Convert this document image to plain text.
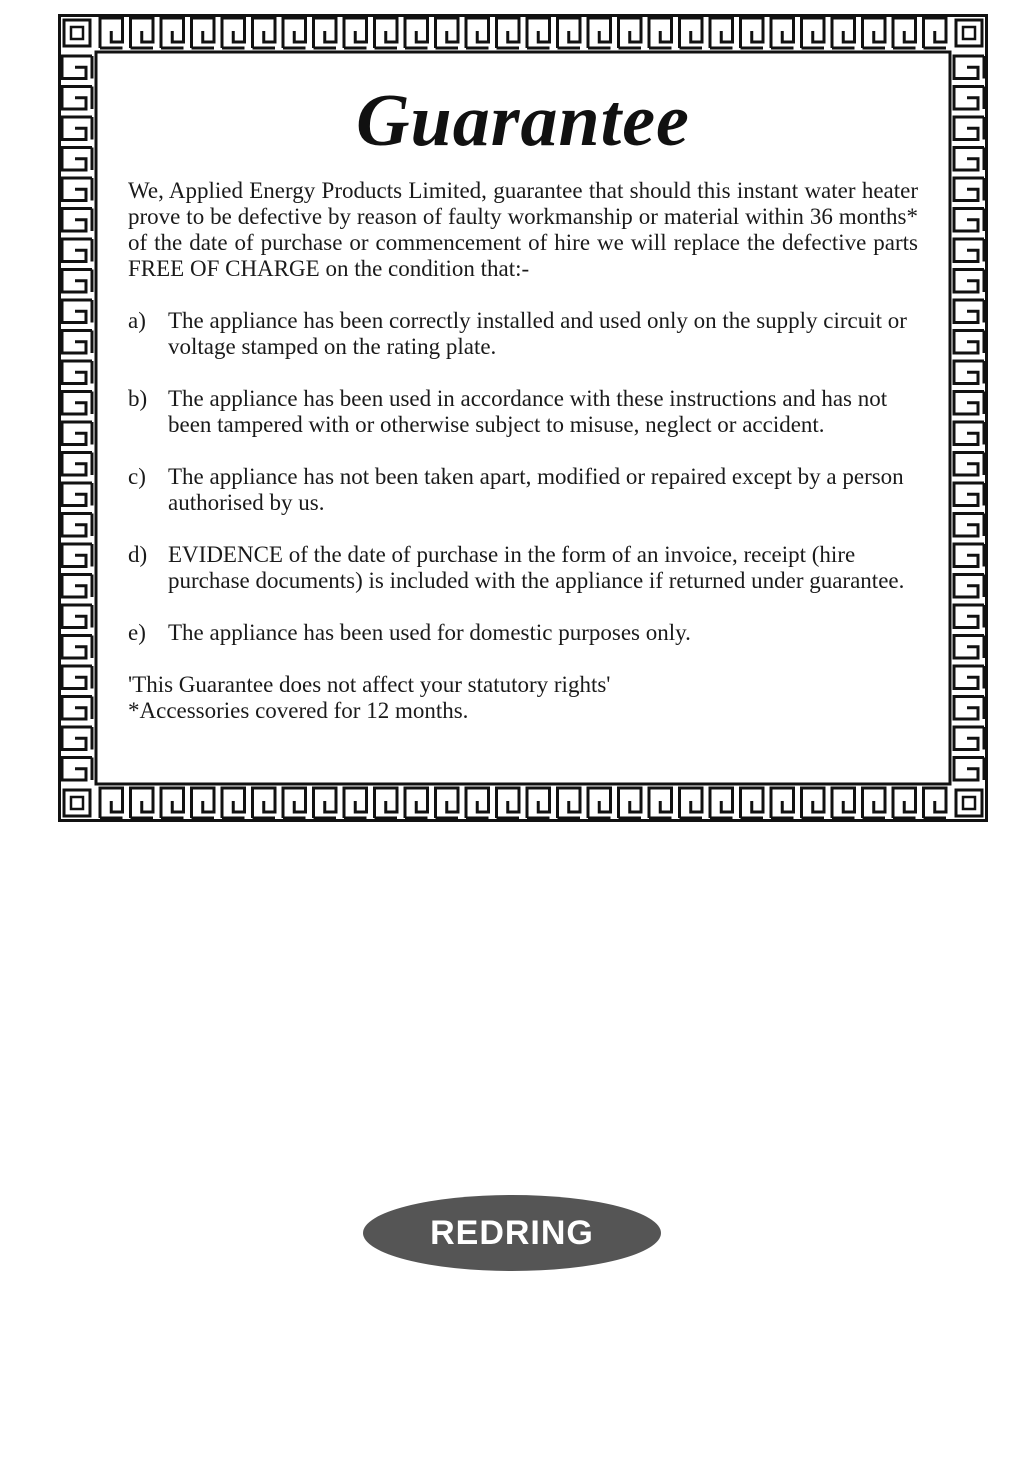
Guarantee

We, Applied Energy Products Limited, guarantee that should this instant water heater prove to be defective by reason of faulty workmanship or material within 36 months* of the date of purchase or commencement of hire we will replace the defective parts FREE OF CHARGE on the condition that:-

a) The appliance has been correctly installed and used only on the supply circuit or voltage stamped on the rating plate.
b) The appliance has been used in accordance with these instructions and has not been tampered with or otherwise subject to misuse, neglect or accident.
c) The appliance has not been taken apart, modified or repaired except by a person authorised by us.
d) EVIDENCE of the date of purchase in the form of an invoice, receipt (hire purchase documents) is included with the appliance if returned under guarantee.
e) The appliance has been used for domestic purposes only.

'This Guarantee does not affect your statutory rights'

*Accessories covered for 12 months.

REDRING
